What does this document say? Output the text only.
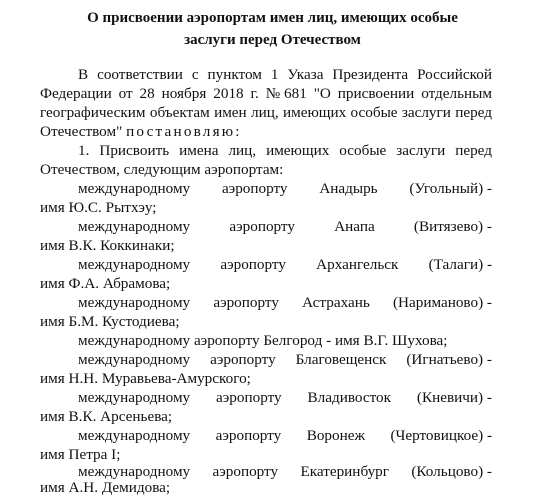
О присвоении аэропортам имен лиц, имеющих особые
заслуги перед Отечеством
В соответствии с пунктом 1 Указа Президента Российской
Федерации от 28 ноября 2018 г. № 681 "О присвоении отдельным
географическим объектам имен лиц, имеющих особые заслуги перед
Отечеством" постановляю:
1. Присвоить имена лиц, имеющих особые заслуги перед
Отечеством, следующим аэропортам:
международному аэропорту Анадырь (Угольный) -
имя Ю.С. Рытхэу;
международному	аэропорту	Анапа	(Витязево) -
имя В.К. Коккинаки;
международному аэропорту Архангельск (Талаги) -
имя Ф.А. Абрамова;
международному аэропорту Астрахань (Нариманово) -
имя Б.М. Кустодиева;
международному аэропорту Белгород - имя В.Г. Шухова;
международному аэропорту Благовещенск (Игнатьево) -
имя Н.Н. Муравьева-Амурского;
международному аэропорту Владивосток (Кневичи) -
имя В.К. Арсеньева;
международному аэропорту Воронеж (Чертовицкое) -
имя Петра I;
международному аэропорту Екатеринбург (Кольцово) -
имя А.Н. Демидова;
